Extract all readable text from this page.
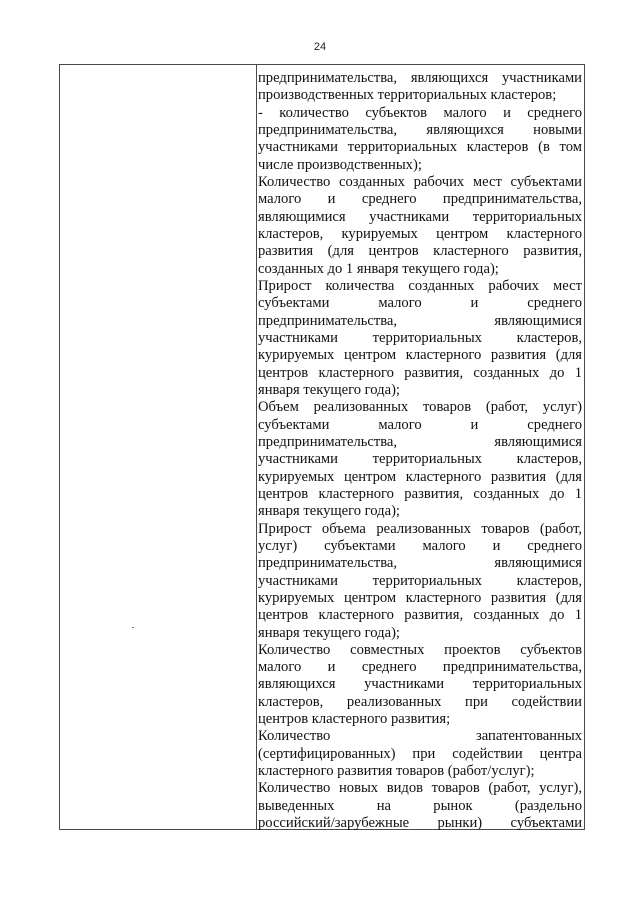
24
предпринимательства, являющихся участниками
производственных территориальных кластеров;
- количество субъектов малого и среднего
предпринимательства, являющихся новыми
участниками территориальных кластеров (в том
числе производственных);
Количество созданных рабочих мест субъектами
малого и среднего предпринимательства,
являющимися участниками территориальных
кластеров, курируемых центром кластерного
развития (для центров кластерного развития,
созданных до 1 января текущего года);
Прирост количества созданных рабочих мест
субъектами малого и среднего
предпринимательства, являющимися
участниками территориальных кластеров,
курируемых центром кластерного развития (для
центров кластерного развития, созданных до 1
января текущего года);
Объем реализованных товаров (работ, услуг)
субъектами малого и среднего
предпринимательства, являющимися
участниками территориальных кластеров,
курируемых центром кластерного развития (для
центров кластерного развития, созданных до 1
января текущего года);
Прирост объема реализованных товаров (работ,
услуг) субъектами малого и среднего
предпринимательства, являющимися
участниками территориальных кластеров,
курируемых центром кластерного развития (для
центров кластерного развития, созданных до 1
января текущего года);
Количество совместных проектов субъектов
малого и среднего предпринимательства,
являющихся участниками территориальных
кластеров, реализованных при содействии
центров кластерного развития;
Количество запатентованных
(сертифицированных) при содействии центра
кластерного развития товаров (работ/услуг);
Количество новых видов товаров (работ, услуг),
выведенных на рынок (раздельно
российский/зарубежные рынки) субъектами
